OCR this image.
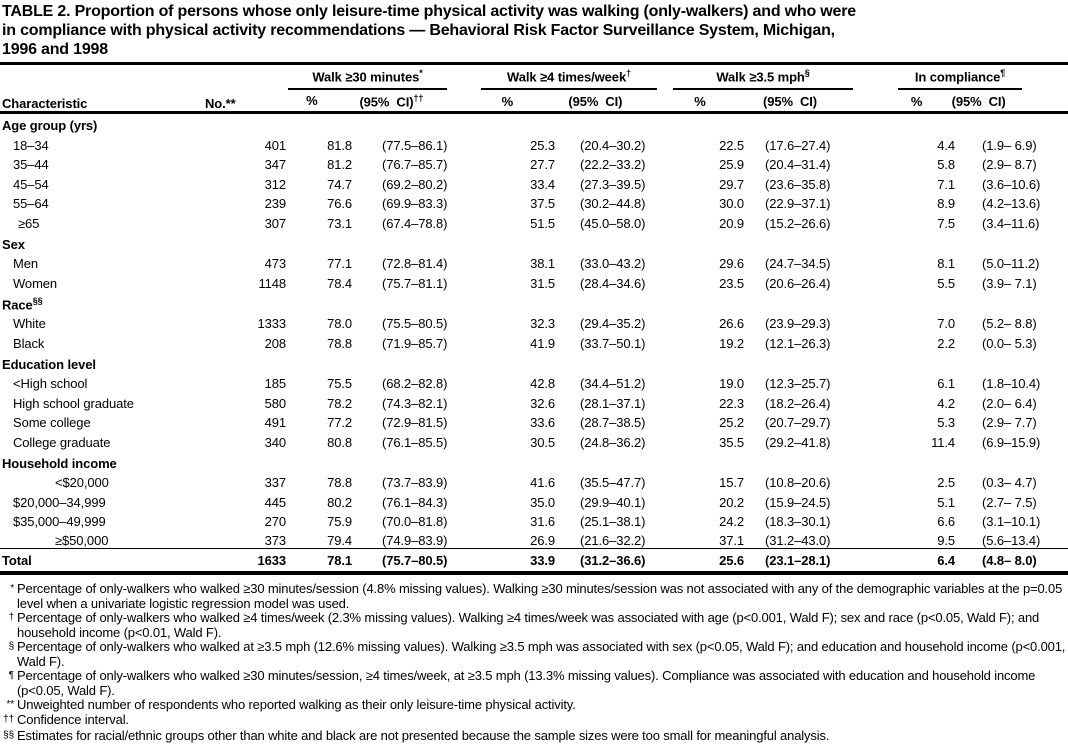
TABLE 2. Proportion of persons whose only leisure-time physical activity was walking (only-walkers) and who were
in compliance with physical activity recommendations — Behavioral Risk Factor Surveillance System, Michigan,
1996 and 1998

		Walk ≥30 minutes*		Walk ≥4 times/week†		Walk ≥3.5 mph§		In compliance¶

Characteristic	No.**	% (95%  CI)††		% (95%  CI)		% (95%  CI)		% (95%  CI)	

Age group (yrs)									
18–34	401	81.8	(77.5–86.1)	25.3	(20.4–30.2)	22.5	(17.6–27.4)	4.4	(1.9– 6.9)
35–44	347	81.2	(76.7–85.7)	27.7	(22.2–33.2)	25.9	(20.4–31.4)	5.8	(2.9– 8.7)
45–54	312	74.7	(69.2–80.2)	33.4	(27.3–39.5)	29.7	(23.6–35.8)	7.1	(3.6–10.6)
55–64	239	76.6	(69.9–83.3)	37.5	(30.2–44.8)	30.0	(22.9–37.1)	8.9	(4.2–13.6)
≥65	307	73.1	(67.4–78.8)	51.5	(45.0–58.0)	20.9	(15.2–26.6)	7.5	(3.4–11.6)
Sex									
Men	473	77.1	(72.8–81.4)	38.1	(33.0–43.2)	29.6	(24.7–34.5)	8.1	(5.0–11.2)
Women	1148	78.4	(75.7–81.1)	31.5	(28.4–34.6)	23.5	(20.6–26.4)	5.5	(3.9– 7.1)
Race§§
White	1333	78.0	(75.5–80.5)	32.3	(29.4–35.2)	26.6	(23.9–29.3)	7.0	(5.2– 8.8)
Black	208	78.8	(71.9–85.7)	41.9	(33.7–50.1)	19.2	(12.1–26.3)	2.2	(0.0– 5.3)
Education level									
<High school	185	75.5	(68.2–82.8)	42.8	(34.4–51.2)	19.0	(12.3–25.7)	6.1	(1.8–10.4)
High school graduate	580	78.2	(74.3–82.1)	32.6	(28.1–37.1)	22.3	(18.2–26.4)	4.2	(2.0– 6.4)
Some college	491	77.2	(72.9–81.5)	33.6	(28.7–38.5)	25.2	(20.7–29.7)	5.3	(2.9– 7.7)
College graduate	340	80.8	(76.1–85.5)	30.5	(24.8–36.2)	35.5	(29.2–41.8)	11.4	(6.9–15.9)
Household income									
<$20,000	337	78.8	(73.7–83.9)	41.6	(35.5–47.7)	15.7	(10.8–20.6)	2.5	(0.3– 4.7)
$20,000–34,999	445	80.2	(76.1–84.3)	35.0	(29.9–40.1)	20.2	(15.9–24.5)	5.1	(2.7– 7.5)
$35,000–49,999	270	75.9	(70.0–81.8)	31.6	(25.1–38.1)	24.2	(18.3–30.1)	6.6	(3.1–10.1)
≥$50,000	373	79.4	(74.9–83.9)	26.9	(21.6–32.2)	37.1	(31.2–43.0)	9.5	(5.6–13.4)
Total	1633	78.1	(75.7–80.5)	33.9	(31.2–36.6)	25.6	(23.1–28.1)	6.4	(4.8– 8.0)
* Percentage of only-walkers who walked ≥30 minutes/session (4.8% missing values). Walking ≥30 minutes/session was not associated with any of the demographic variables at the p=0.05 level when a univariate logistic regression model was used.
† Percentage of only-walkers who walked ≥4 times/week (2.3% missing values). Walking ≥4 times/week was associated with age (p<0.001, Wald F); sex and race (p<0.05, Wald F); and household income (p<0.01, Wald F).
§ Percentage of only-walkers who walked at ≥3.5 mph (12.6% missing values). Walking ≥3.5 mph was associated with sex (p<0.05, Wald F); and education and household income (p<0.001, Wald F).
¶ Percentage of only-walkers who walked ≥30 minutes/session, ≥4 times/week, at ≥3.5 mph (13.3% missing values). Compliance was associated with education and household income (p<0.05, Wald F).
** Unweighted number of respondents who reported walking as their only leisure-time physical activity.
†† Confidence interval.
§§ Estimates for racial/ethnic groups other than white and black are not presented because the sample sizes were too small for meaningful analysis.
